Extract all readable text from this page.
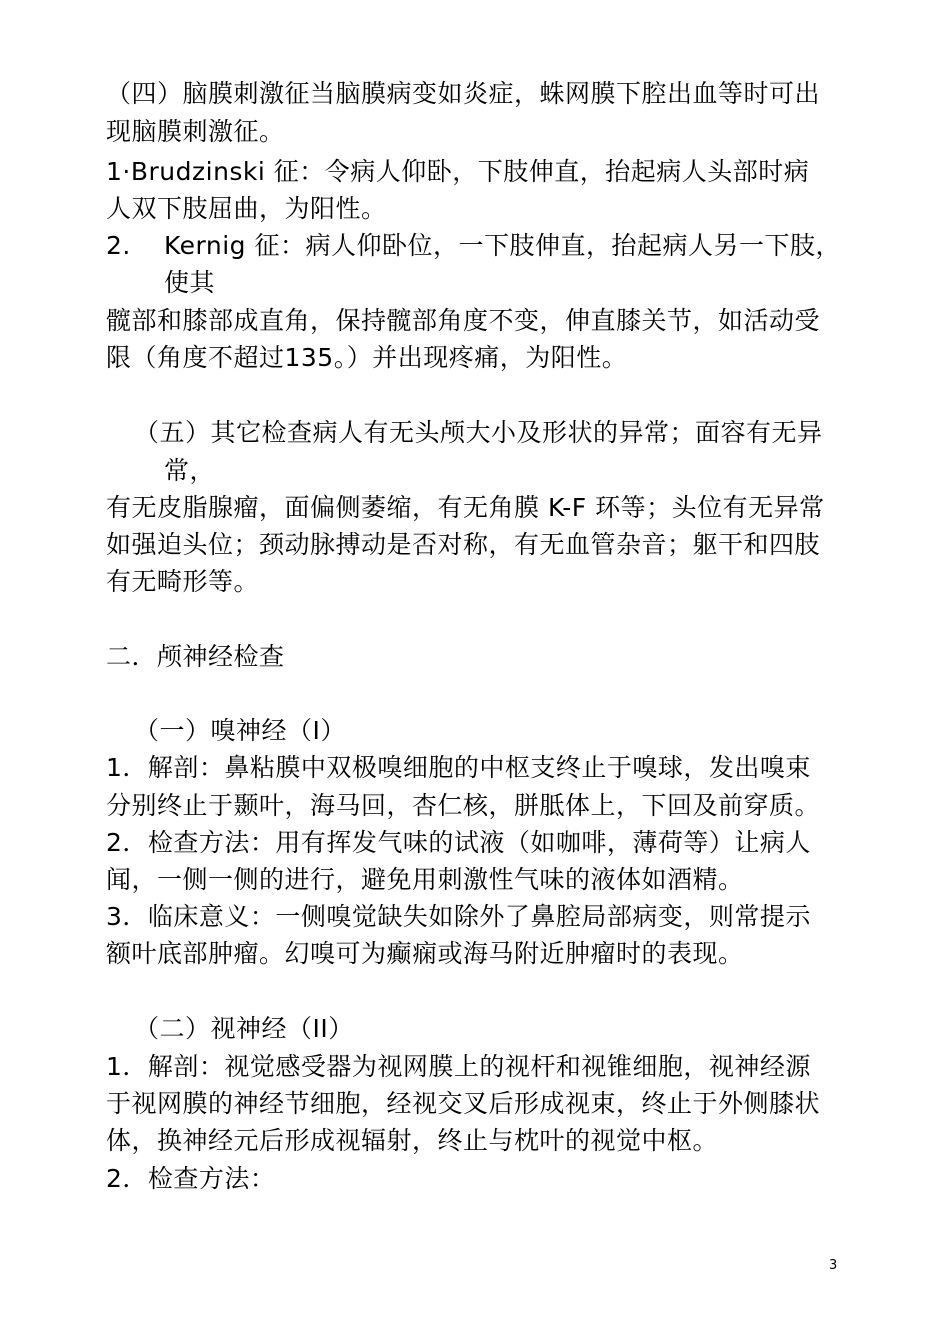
（四）脑膜刺激征当脑膜病变如炎症，蛛网膜下腔出血等时可出
现脑膜刺激征。
1·Brudzinski 征：令病人仰卧，下肢伸直，抬起病人头部时病
人双下肢屈曲，为阳性。
2. Kernig 征：病人仰卧位，一下肢伸直，抬起病人另一下肢，
使其
髋部和膝部成直角，保持髋部角度不变，伸直膝关节，如活动受
限（角度不超过135。）并出现疼痛，为阳性。
（五）其它检查病人有无头颅大小及形状的异常；面容有无异
常，
有无皮脂腺瘤，面偏侧萎缩，有无角膜 K-F 环等；头位有无异常
如强迫头位；颈动脉搏动是否对称，有无血管杂音；躯干和四肢
有无畸形等。
二．颅神经检查
（一）嗅神经（I）
1．解剖：鼻粘膜中双极嗅细胞的中枢支终止于嗅球，发出嗅束
分别终止于颞叶，海马回，杏仁核，胼胝体上，下回及前穿质。
2．检查方法：用有挥发气味的试液（如咖啡，薄荷等）让病人
闻，一侧一侧的进行，避免用刺激性气味的液体如酒精。
3．临床意义：一侧嗅觉缺失如除外了鼻腔局部病变，则常提示
额叶底部肿瘤。幻嗅可为癫痫或海马附近肿瘤时的表现。
（二）视神经（II）
1．解剖：视觉感受器为视网膜上的视杆和视锥细胞，视神经源
于视网膜的神经节细胞，经视交叉后形成视束，终止于外侧膝状
体，换神经元后形成视辐射，终止与枕叶的视觉中枢。
2．检查方法：
3
